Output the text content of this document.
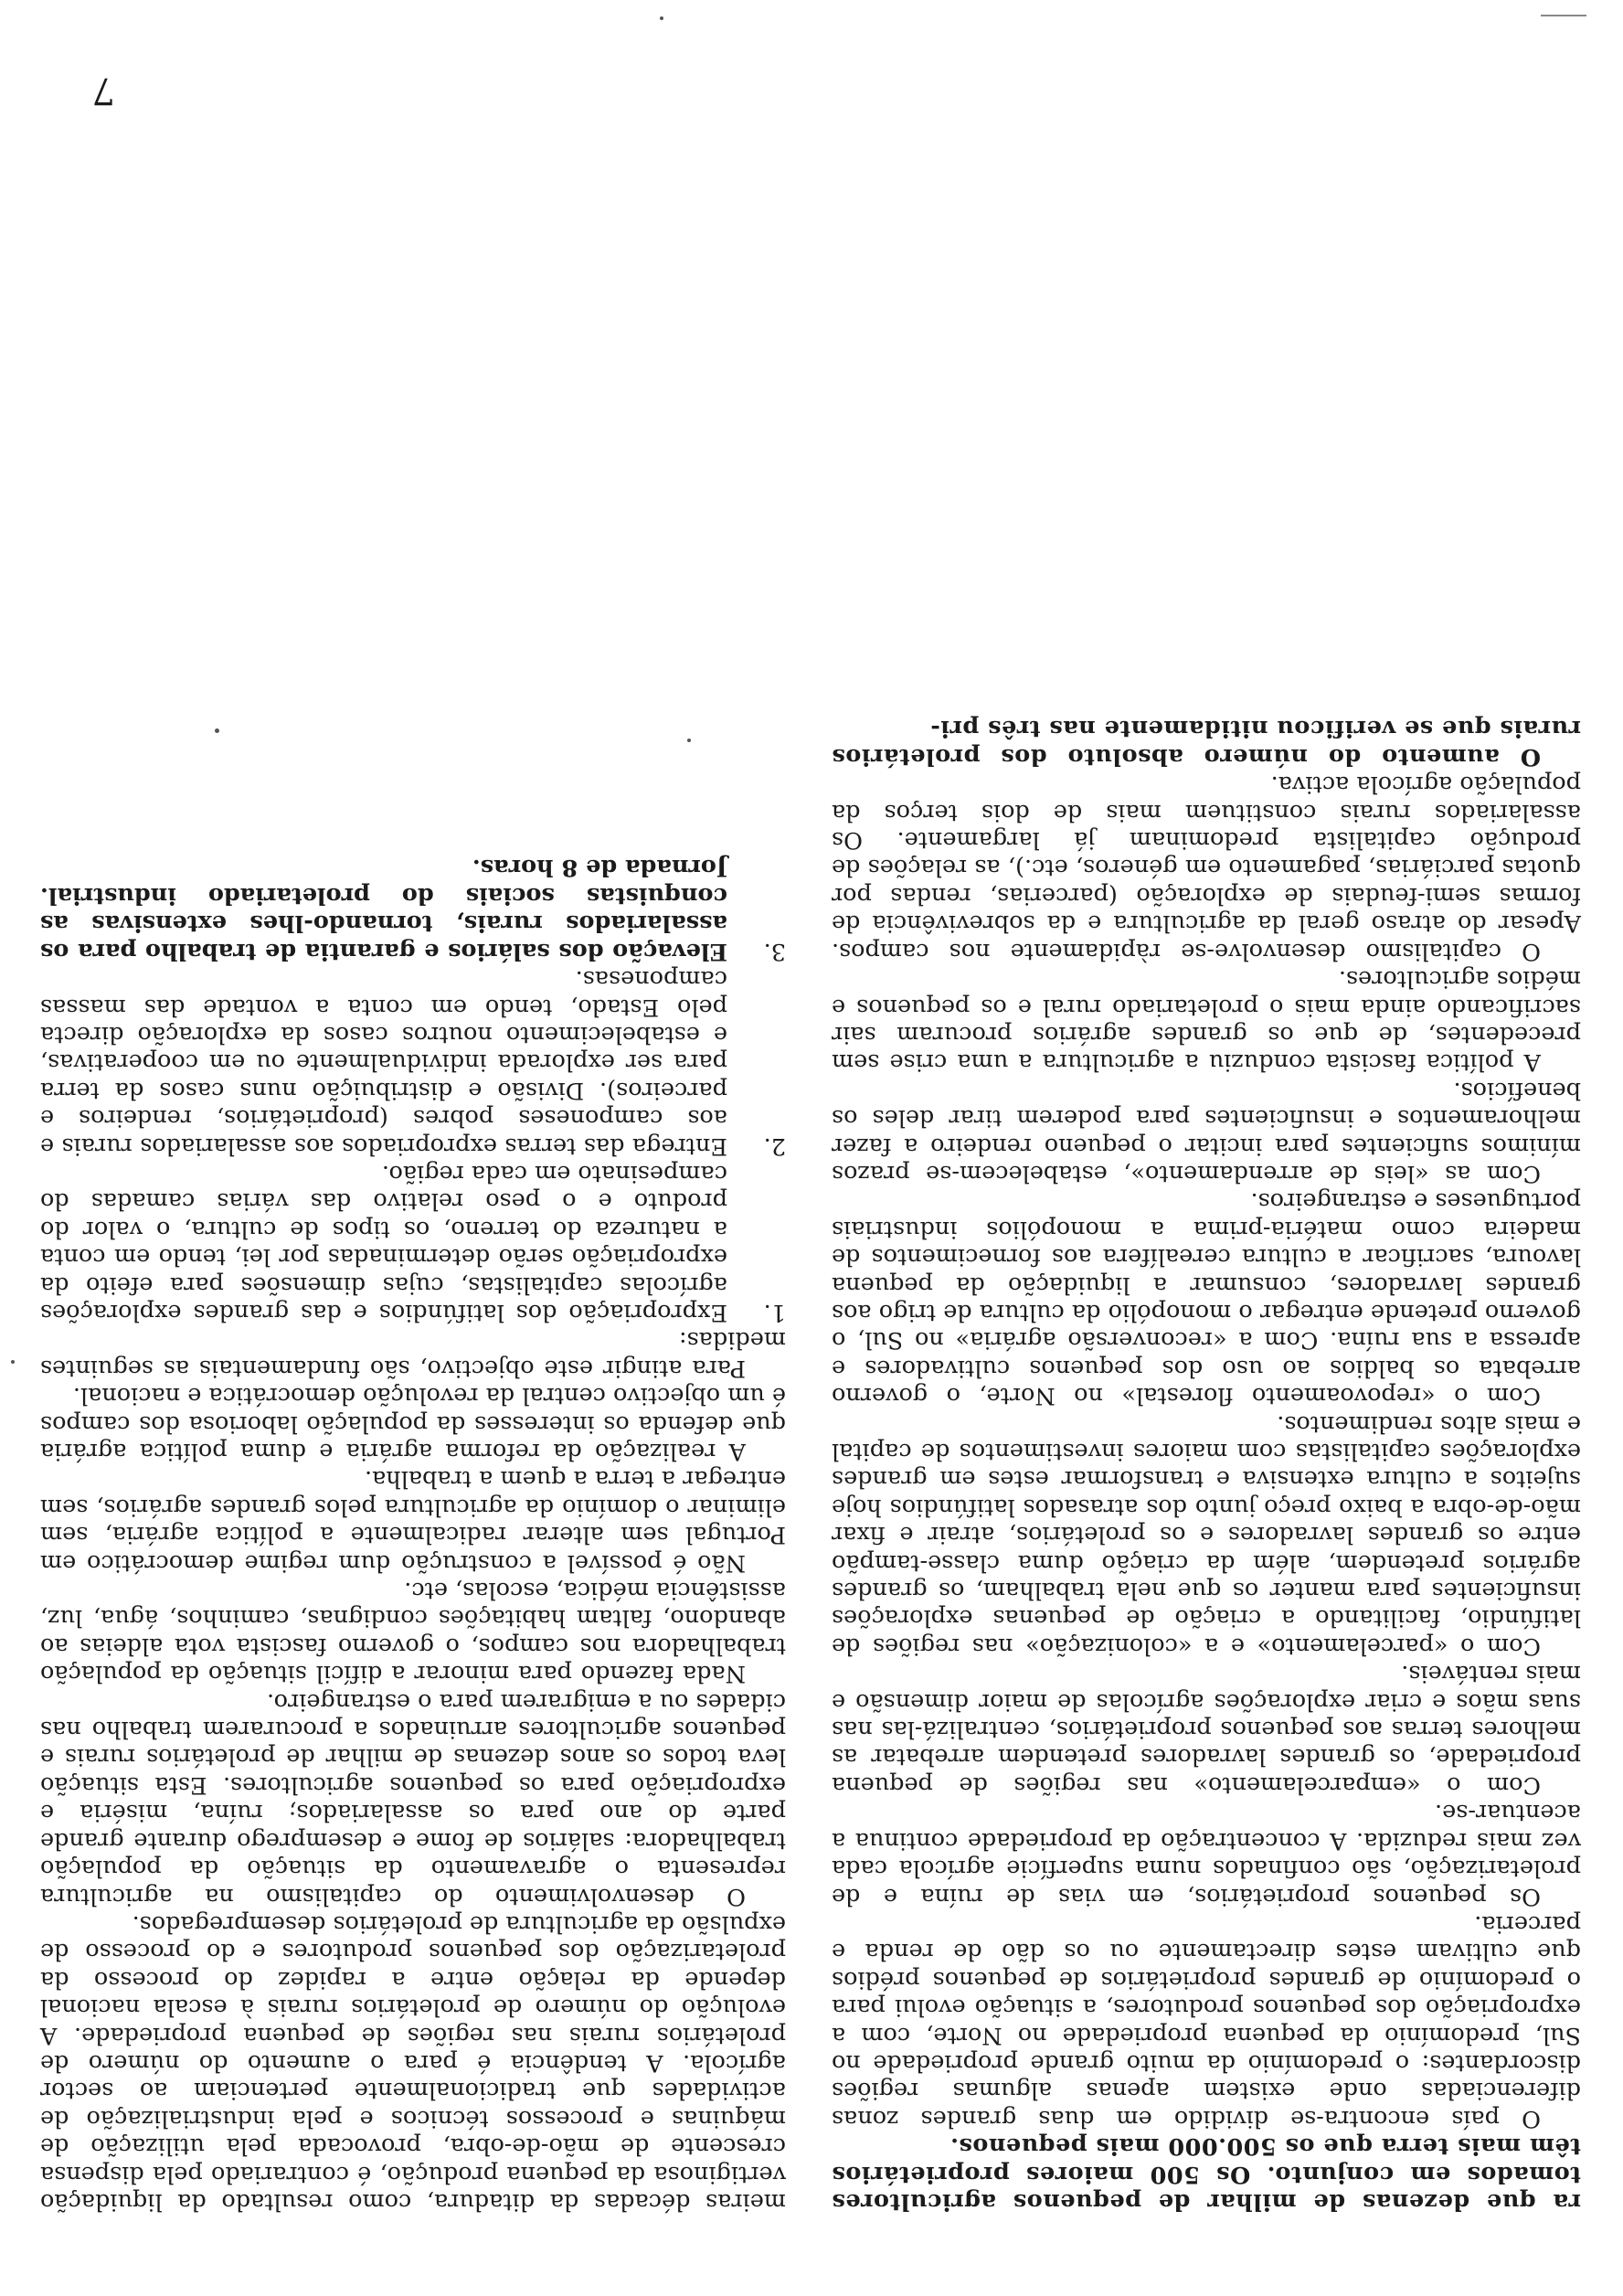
ra que dezenas de milhar de pequenos agricultores tomados em conjunto. Os 500 maiores proprietários têm mais terra que os 500.000 mais pequenos.

O país encontra-se dividido em duas grandes zonas diferenciadas onde existem apenas algumas regiões discordantes: o predomínio da muito grande propriedade no Sul, predomínio da pequena propriedade no Norte, com a expropriação dos pequenos produtores, a situação evolui para o predomínio de grandes proprietários de pequenos prédios que cultivam estes directamente ou os dão de renda e parceria.

Os pequenos proprietários, em vias de ruína e de proletarização, são confinados numa superfície agrícola cada vez mais reduzida. A concentração da propriedade continua a acentuar-se.

Com o «emparcelamento» nas regiões de pequena propriedade, os grandes lavradores pretendem arrebatar as melhores terras aos pequenos proprietários, centralizá-las nas suas mãos e criar explorações agrícolas de maior dimensão e mais rentáveis.

Com o «parcelamento» e a «colonização» nas regiões de latifúndio, facilitando a criação de pequenas explorações insuficientes para manter os que nela trabalham, os grandes agrários pretendem, além da criação duma classe-tampão entre os grandes lavradores e os proletários, atrair e fixar mão-de-obra a baixo preço junto dos atrasados latifúndios hoje sujeitos a cultura extensiva e transformar estes em grandes explorações capitalistas com maiores investimentos de capital e mais altos rendimentos.

Com o «repovoamento florestal» no Norte, o governo arrebata os baldios ao uso dos pequenos cultivadores e apressa a sua ruína. Com a «reconversão agrária» no Sul, o governo pretende entregar o monopólio da cultura de trigo aos grandes lavradores, consumar a liquidação da pequena lavoura, sacrificar a cultura cerealífera aos fornecimentos de madeira como matéria-prima a monopólios industriais portugueses e estrangeiros.

Com as «leis de arrendamento», estabelecem-se prazos mínimos suficientes para incitar o pequeno rendeiro a fazer melhoramentos e insuficientes para poderem tirar deles os benefícios.

A política fascista conduziu a agricultura a uma crise sem precedentes, de que os grandes agrários procuram sair sacrificando ainda mais o proletariado rural e os pequenos e médios agricultores.

O capitalismo desenvolve-se ràpidamente nos campos. Apesar do atraso geral da agricultura e da sobrevivência de formas semi-feudais de exploração (parcerias, rendas por quotas parciárias, pagamento em géneros, etc.), as relações de produção capitalista predominam já largamente. Os assalariados rurais constituem mais de dois terços da população agrícola activa.

O aumento do número absoluto dos proletários rurais que se verificou nitidamente nas três pri-

meiras décadas da ditadura, como resultado da liquidação vertiginosa da pequena produção, é contrariado pela dispensa crescente de mão-de-obra, provocada pela utilização de máquinas e processos técnicos e pela industrialização de actividades que tradicionalmente pertenciam ao sector agrícola. A tendência é para o aumento do número de proletários rurais nas regiões de pequena propriedade. A evolução do número de proletários rurais à escala nacional depende da relação entre a rapidez do processo da proletarização dos pequenos produtores e do processo de expulsão da agricultura de proletários desempregados.

O desenvolvimento do capitalismo na agricultura representa o agravamento da situação da população trabalhadora: salários de fome e desemprego durante grande parte do ano para os assalariados; ruína, miséria e expropriação para os pequenos agricultores. Esta situação leva todos os anos dezenas de milhar de proletários rurais e pequenos agricultores arruinados a procurarem trabalho nas cidades ou a emigrarem para o estrangeiro.

Nada fazendo para minorar a difícil situação da população trabalhadora nos campos, o governo fascista vota aldeias ao abandono, faltam habitações condignas, caminhos, água, luz, assistência médica, escolas, etc.

Não é possível a construção dum regime democrático em Portugal sem alterar radicalmente a política agrária, sem eliminar o domínio da agricultura pelos grandes agrários, sem entregar a terra a quem a trabalha.

A realização da reforma agrária e duma política agrária que defenda os interesses da população laboriosa dos campos é um objectivo central da revolução democrática e nacional.

Para atingir este objectivo, são fundamentais as seguintes medidas:

1.
Expropriação dos latifúndios e das grandes explorações agrícolas capitalistas, cujas dimensões para efeito da expropriação serão determinadas por lei, tendo em conta a natureza do terreno, os tipos de cultura, o valor do produto e o peso relativo das várias camadas do campesinato em cada região.
2.
Entrega das terras expropriados aos assalariados rurais e aos camponeses pobres (proprietários, rendeiros e parceiros). Divisão e distribuição nuns casos da terra para ser explorada individualmente ou em cooperativas, e estabelecimento noutros casos da exploração directa pelo Estado, tendo em conta a vontade das massas camponesas.
3.
Elevação dos salários e garantia de trabalho para os assalariados rurais, tornando-lhes extensivas as conquistas sociais do proletariado industrial. Jornada de 8 horas.
7
